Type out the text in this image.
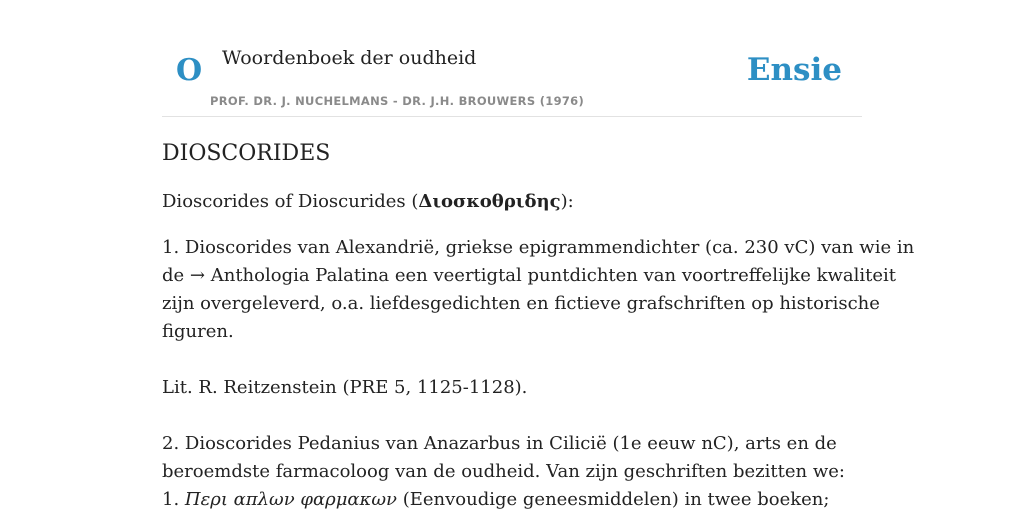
O Woordenboek der oudheid
PROF. DR. J. NUCHELMANS - DR. J.H. BROUWERS (1976)
Ensie
DIOSCORIDES

Dioscorides of Dioscurides (Διοσκοθριδης):

1. Dioscorides van Alexandrië, griekse epigrammendichter (ca. 230 vC) van wie in
de → Anthologia Palatina een veertigtal puntdichten van voortreffelijke kwaliteit
zijn overgeleverd, o.a. liefdesgedichten en fictieve grafschriften op historische
figuren.

Lit. R. Reitzenstein (PRE 5, 1125-1128).

2. Dioscorides Pedanius van Anazarbus in Cilicië (1e eeuw nC), arts en de
beroemdste farmacoloog van de oudheid. Van zijn geschriften bezitten we:
1. Περι απλων φαρμακων (Eenvoudige geneesmiddelen) in twee boeken;
